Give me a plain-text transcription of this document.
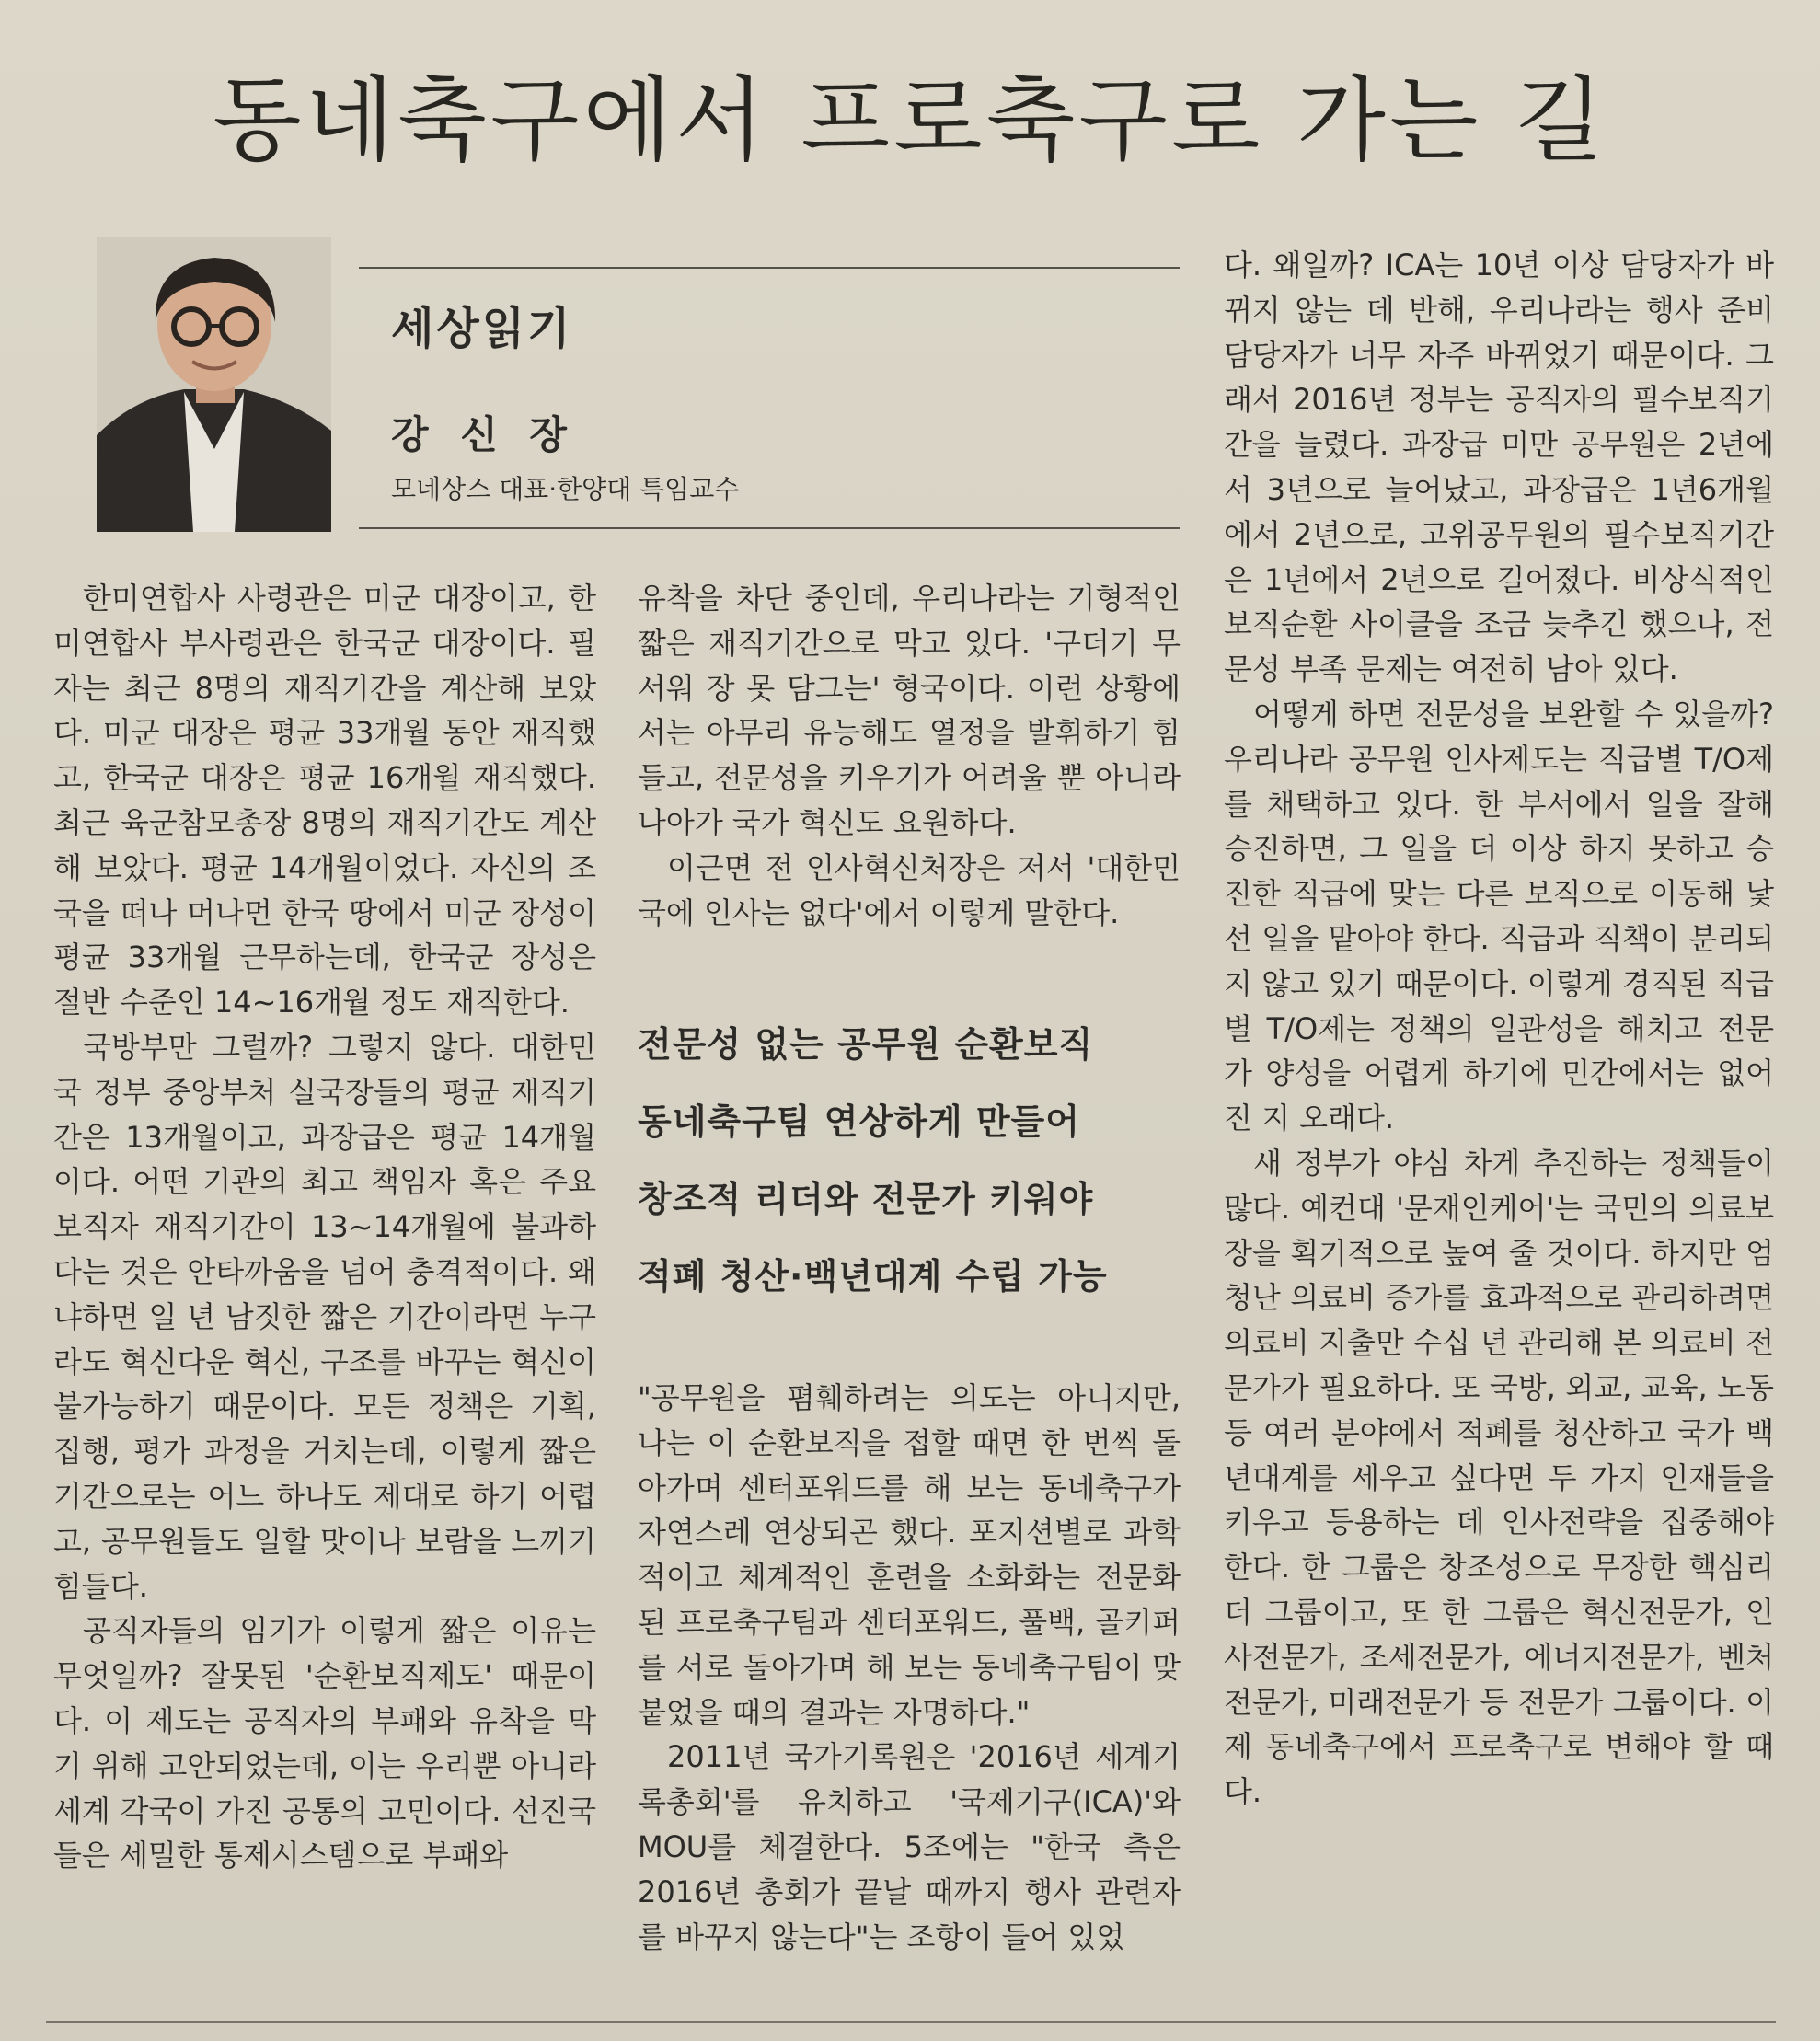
동네축구에서 프로축구로 가는 길
세상읽기
강 신 장
모네상스 대표·한양대 특임교수

한미연합사 사령관은 미군 대장이고, 한미연합사 부사령관은 한국군 대장이다. 필자는 최근 8명의 재직기간을 계산해 보았다. 미군 대장은 평균 33개월 동안 재직했고, 한국군 대장은 평균 16개월 재직했다. 최근 육군참모총장 8명의 재직기간도 계산해 보았다. 평균 14개월이었다. 자신의 조국을 떠나 머나먼 한국 땅에서 미군 장성이 평균 33개월 근무하는데, 한국군 장성은 절반 수준인 14~16개월 정도 재직한다.

국방부만 그럴까? 그렇지 않다. 대한민국 정부 중앙부처 실국장들의 평균 재직기간은 13개월이고, 과장급은 평균 14개월이다. 어떤 기관의 최고 책임자 혹은 주요 보직자 재직기간이 13~14개월에 불과하다는 것은 안타까움을 넘어 충격적이다. 왜냐하면 일 년 남짓한 짧은 기간이라면 누구라도 혁신다운 혁신, 구조를 바꾸는 혁신이 불가능하기 때문이다. 모든 정책은 기획, 집행, 평가 과정을 거치는데, 이렇게 짧은 기간으로는 어느 하나도 제대로 하기 어렵고, 공무원들도 일할 맛이나 보람을 느끼기 힘들다.

공직자들의 임기가 이렇게 짧은 이유는 무엇일까? 잘못된 '순환보직제도' 때문이다. 이 제도는 공직자의 부패와 유착을 막기 위해 고안되었는데, 이는 우리뿐 아니라 세계 각국이 가진 공통의 고민이다. 선진국들은 세밀한 통제시스템으로 부패와

유착을 차단 중인데, 우리나라는 기형적인 짧은 재직기간으로 막고 있다. '구더기 무서워 장 못 담그는' 형국이다. 이런 상황에서는 아무리 유능해도 열정을 발휘하기 힘들고, 전문성을 키우기가 어려울 뿐 아니라 나아가 국가 혁신도 요원하다.

이근면 전 인사혁신처장은 저서 '대한민국에 인사는 없다'에서 이렇게 말한다.

전문성 없는 공무원 순환보직
동네축구팀 연상하게 만들어
창조적 리더와 전문가 키워야
적폐 청산·백년대계 수립 가능

"공무원을 폄훼하려는 의도는 아니지만, 나는 이 순환보직을 접할 때면 한 번씩 돌아가며 센터포워드를 해 보는 동네축구가 자연스레 연상되곤 했다. 포지션별로 과학적이고 체계적인 훈련을 소화화는 전문화된 프로축구팀과 센터포워드, 풀백, 골키퍼를 서로 돌아가며 해 보는 동네축구팀이 맞붙었을 때의 결과는 자명하다."

2011년 국가기록원은 '2016년 세계기록총회'를 유치하고 '국제기구(ICA)'와 MOU를 체결한다. 5조에는 "한국 측은 2016년 총회가 끝날 때까지 행사 관련자를 바꾸지 않는다"는 조항이 들어 있었

다. 왜일까? ICA는 10년 이상 담당자가 바뀌지 않는 데 반해, 우리나라는 행사 준비 담당자가 너무 자주 바뀌었기 때문이다. 그래서 2016년 정부는 공직자의 필수보직기간을 늘렸다. 과장급 미만 공무원은 2년에서 3년으로 늘어났고, 과장급은 1년6개월에서 2년으로, 고위공무원의 필수보직기간은 1년에서 2년으로 길어졌다. 비상식적인 보직순환 사이클을 조금 늦추긴 했으나, 전문성 부족 문제는 여전히 남아 있다.

어떻게 하면 전문성을 보완할 수 있을까? 우리나라 공무원 인사제도는 직급별 T/O제를 채택하고 있다. 한 부서에서 일을 잘해 승진하면, 그 일을 더 이상 하지 못하고 승진한 직급에 맞는 다른 보직으로 이동해 낯선 일을 맡아야 한다. 직급과 직책이 분리되지 않고 있기 때문이다. 이렇게 경직된 직급별 T/O제는 정책의 일관성을 해치고 전문가 양성을 어렵게 하기에 민간에서는 없어진 지 오래다.

새 정부가 야심 차게 추진하는 정책들이 많다. 예컨대 '문재인케어'는 국민의 의료보장을 획기적으로 높여 줄 것이다. 하지만 엄청난 의료비 증가를 효과적으로 관리하려면 의료비 지출만 수십 년 관리해 본 의료비 전문가가 필요하다. 또 국방, 외교, 교육, 노동 등 여러 분야에서 적폐를 청산하고 국가 백년대계를 세우고 싶다면 두 가지 인재들을 키우고 등용하는 데 인사전략을 집중해야 한다. 한 그룹은 창조성으로 무장한 핵심리더 그룹이고, 또 한 그룹은 혁신전문가, 인사전문가, 조세전문가, 에너지전문가, 벤처전문가, 미래전문가 등 전문가 그룹이다. 이제 동네축구에서 프로축구로 변해야 할 때다.
